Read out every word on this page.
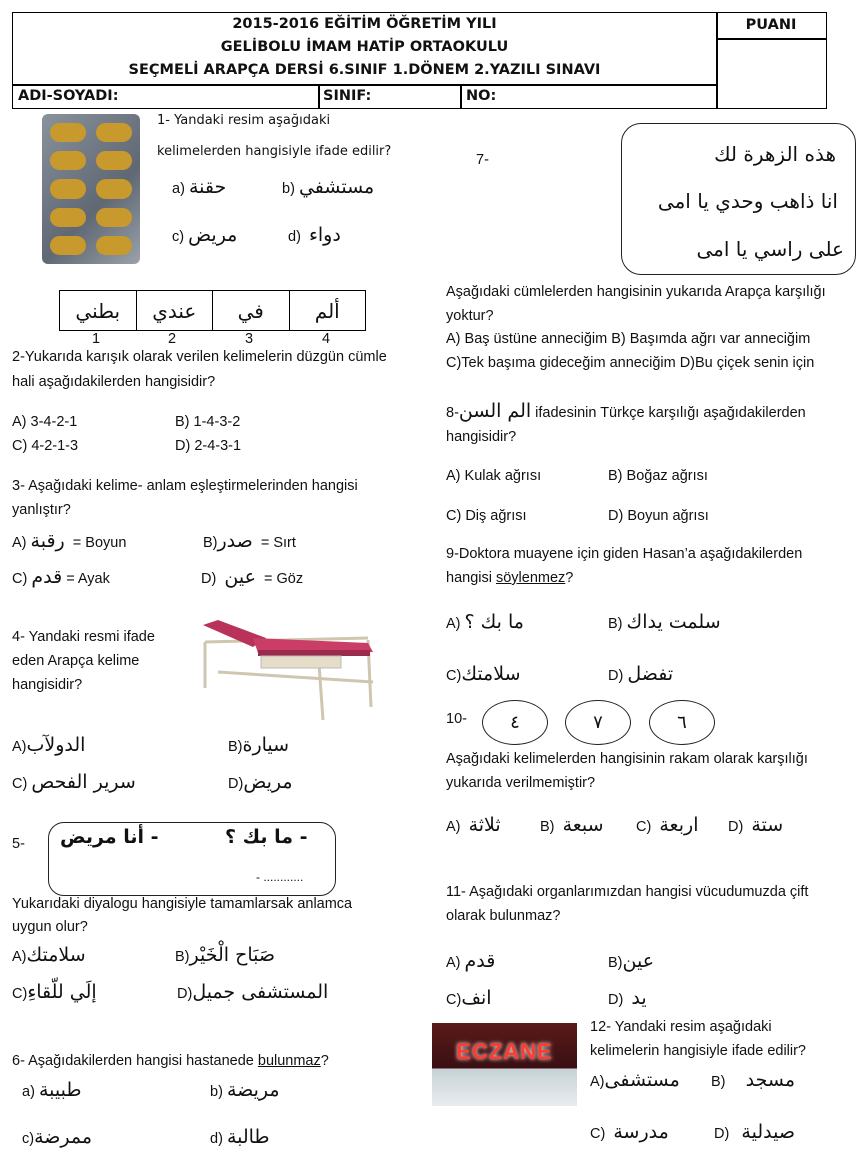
2015-2016 EĞİTİM ÖĞRETİM YILI
GELİBOLU İMAM HATİP ORTAOKULU
SEÇMELİ ARAPÇA DERSİ 6.SINIF 1.DÖNEM 2.YAZILI SINAVI
PUANI
ADI-SOYADI:	SINIF:	NO:
1- Yandaki resim aşağıdaki
kelimelerden hangisiyle ifade edilir?
a) حقنة	b) مستشفي
c) مريض	d) دواء
بطني	عندي	في	ألم
1	2	3	4
2-Yukarıda karışık olarak verilen kelimelerin düzgün cümle
hali aşağıdakilerden hangisidir?
A) 3-4-2-1	B) 1-4-3-2
C) 4-2-1-3	D) 2-4-3-1
3- Aşağıdaki kelime- anlam eşleştirmelerinden hangisi
yanlıştır?
A) رقبة = Boyun	B)صدر = Sırt
C) قدم = Ayak	D) عين = Göz
4- Yandaki resmi ifade
eden Arapça kelime
hangisidir?
A)الدولآب	B)سيارة
C) سرير الفحص	D)مريض
5-	- ما بك ؟
- أنا مريض
- ............
Yukarıdaki diyalogu hangisiyle tamamlarsak anlamca
uygun olur?
A)سلامتك	B)صَبَاح الْخَيْر
C)إلَي للّقاءِ	D)المستشفى جميل
6- Aşağıdakilerden hangisi hastanede bulunmaz?
a) طبيبة	b) مريضة
c)ممرضة	d) طالبة
7-	هذه الزهرة لك
انا ذاهب وحدي يا امى
على راسي يا امى
Aşağıdaki cümlelerden hangisinin yukarıda Arapça karşılığı
yoktur?
A) Baş üstüne anneciğim B) Başımda ağrı var anneciğim
C)Tek başıma gideceğim anneciğim D)Bu çiçek senin için
8-الم السن ifadesinin Türkçe karşılığı aşağıdakilerden
hangisidir?
A) Kulak ağrısı	B) Boğaz ağrısı
C) Diş ağrısı	D) Boyun ağrısı
9-Doktora muayene için giden Hasan’a aşağıdakilerden
hangisi söylenmez?
A) ما بك ؟	B) سلمت يداك
C)سلامتك	D) تفضل
10-	٤	٧	٦
Aşağıdaki kelimelerden hangisinin rakam olarak karşılığı
yukarıda verilmemiştir?
A) ثلاثة	B) سبعة C) اربعة D) ستة
11- Aşağıdaki organlarımızdan hangisi vücudumuzda çift
olarak bulunmaz?
A) قدم	B)عين
C)انف	D) يد
ECZANE
12- Yandaki resim aşağıdaki
kelimelerin hangisiyle ifade edilir?
A)مستشفى B) مسجد
C) مدرسة	D) صيدلية
